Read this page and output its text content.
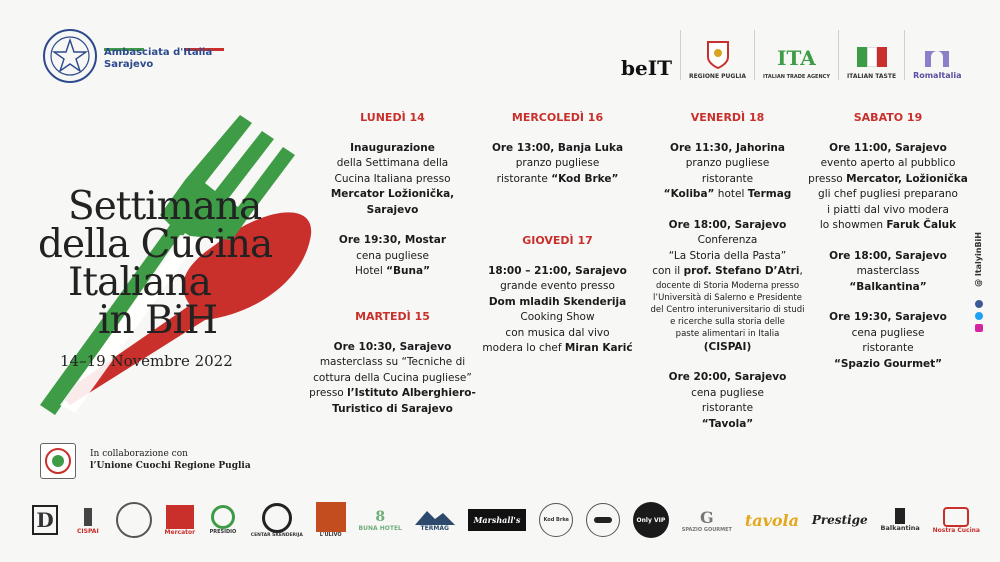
Ambasciata d'Italia
Sarajevo	beIT	REGIONE PUGLIA
ITA
ITALIAN TRADE AGENCY	ITALIAN TASTE RomaItalia
Settimana
della Cucina
Italiana
in BiH
14–19 Novembre 2022
LUNEDÌ 14
Inaugurazione
della Settimana della
Cucina Italiana presso
Mercator Ložionička,
Sarajevo
Ore 19:30, Mostar
cena pugliese
Hotel “Buna”
MARTEDÌ 15
Ore 10:30, Sarajevo
masterclass su “Tecniche di
cottura della Cucina pugliese”
presso l’Istituto Alberghiero-
Turistico di Sarajevo
MERCOLEDÌ 16
Ore 13:00, Banja Luka
pranzo pugliese
ristorante “Kod Brke”
GIOVEDÌ 17
18:00 – 21:00, Sarajevo
grande evento presso
Dom mladih Skenderija
Cooking Show
con musica dal vivo
modera lo chef Miran Karić
VENERDÌ 18
Ore 11:30, Jahorina
pranzo pugliese
ristorante
“Koliba” hotel Termag
Ore 18:00, Sarajevo
Conferenza
“La Storia della Pasta”
con il prof. Stefano D’Atri,
docente di Storia Moderna presso
l’Università di Salerno e Presidente
del Centro interuniversitario di studi
e ricerche sulla storia delle
paste alimentari in Italia
(CISPAI)
Ore 20:00, Sarajevo
cena pugliese
ristorante
“Tavola”
SABATO 19
Ore 11:00, Sarajevo
evento aperto al pubblico
presso Mercator, Ložionička
gli chef pugliesi preparano
i piatti dal vivo modera
lo showmen Faruk Čaluk
Ore 18:00, Sarajevo
masterclass
“Balkantina”
Ore 19:30, Sarajevo
cena pugliese
ristorante
“Spazio Gourmet”
@ ItalyinBiH
In collaborazione con
l’Unione Cuochi Regione Puglia
D	CISPAI	Mercator	PRESIDIO	CENTAR SKENDERIJA	L'ULIVO
8
BUNA HOTEL	TERMAG
Marshall's	Kod Brke	Only VIP G
SPAZIO GOURMET tavola Prestige
Balkantina Nostra Cucina
